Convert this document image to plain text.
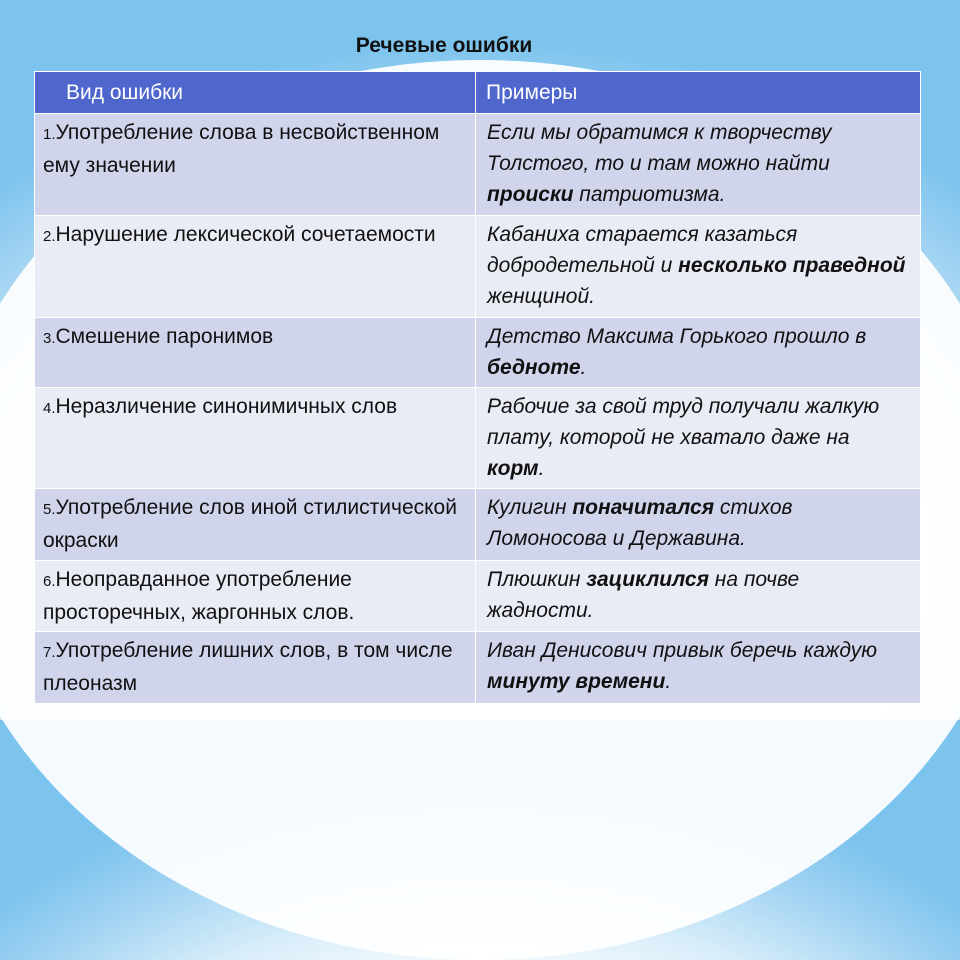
Речевые ошибки
Вид ошибки	Примеры
1.Употребление слова в несвойственном ему значении	Если мы обратимся к творчеству Толстого, то и там можно найти происки патриотизма.
2.Нарушение лексической сочетаемости	Кабаниха старается казаться добродетельной и несколько праведной женщиной.
3.Смешение паронимов	Детство Максима Горького прошло в бедноте.
4.Неразличение синонимичных слов	Рабочие за свой труд получали жалкую плату, которой не хватало даже на корм.
5.Употребление слов иной стилистической окраски	Кулигин поначитался стихов Ломоносова и Державина.
6.Неоправданное употребление просторечных, жаргонных слов.	Плюшкин зациклился на почве жадности.
7.Употребление лишних слов, в том числе плеоназм	Иван Денисович привык беречь каждую минуту времени.
